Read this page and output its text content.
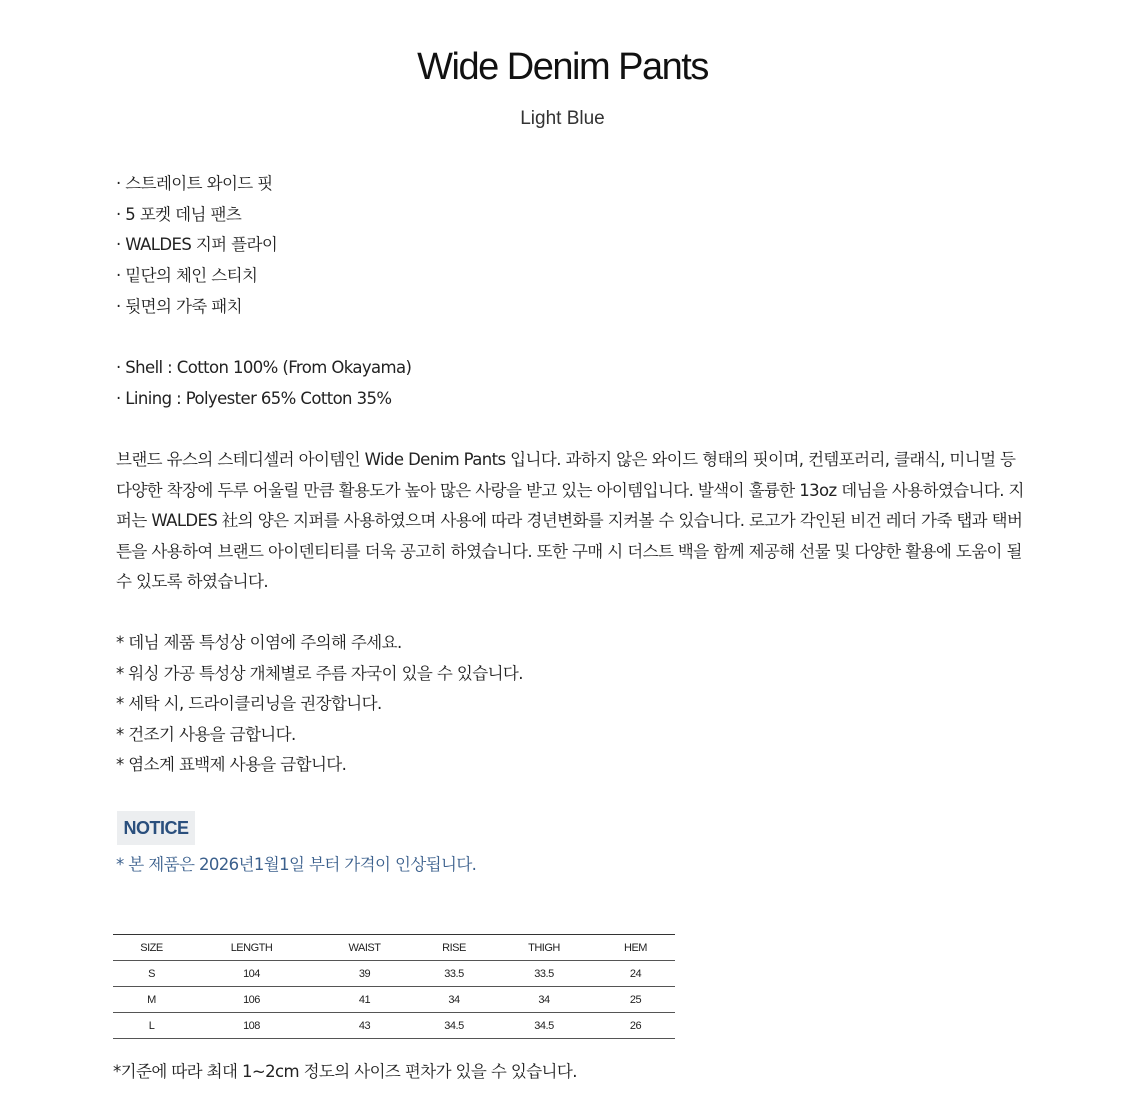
Wide Denim Pants
Light Blue
· 스트레이트 와이드 핏
· 5 포켓 데님 팬츠
· WALDES 지퍼 플라이
· 밑단의 체인 스티치
· 뒷면의 가죽 패치
· Shell : Cotton 100% (From Okayama)
· Lining : Polyester 65% Cotton 35%
브랜드 유스의 스테디셀러 아이템인 Wide Denim Pants 입니다. 과하지 않은 와이드 형태의 핏이며, 컨템포러리, 클래식, 미니멀 등
다양한 착장에 두루 어울릴 만큼 활용도가 높아 많은 사랑을 받고 있는 아이템입니다. 발색이 훌륭한 13oz 데님을 사용하였습니다. 지
퍼는 WALDES 社의 양은 지퍼를 사용하였으며 사용에 따라 경년변화를 지켜볼 수 있습니다. 로고가 각인된 비건 레더 가죽 탭과 택버
튼을 사용하여 브랜드 아이덴티티를 더욱 공고히 하였습니다. 또한 구매 시 더스트 백을 함께 제공해 선물 및 다양한 활용에 도움이 될
수 있도록 하였습니다.
* 데님 제품 특성상 이염에 주의해 주세요.
* 워싱 가공 특성상 개체별로 주름 자국이 있을 수 있습니다.
* 세탁 시, 드라이클리닝을 권장합니다.
* 건조기 사용을 금합니다.
* 염소계 표백제 사용을 금합니다.
NOTICE
* 본 제품은 2026년1월1일 부터 가격이 인상됩니다.
SIZE	LENGTH	WAIST	RISE	THIGH	HEM
S	104	39	33.5	33.5	24
M	106	41	34	34	25
L	108	43	34.5	34.5	26
*기준에 따라 최대 1~2cm 정도의 사이즈 편차가 있을 수 있습니다.
